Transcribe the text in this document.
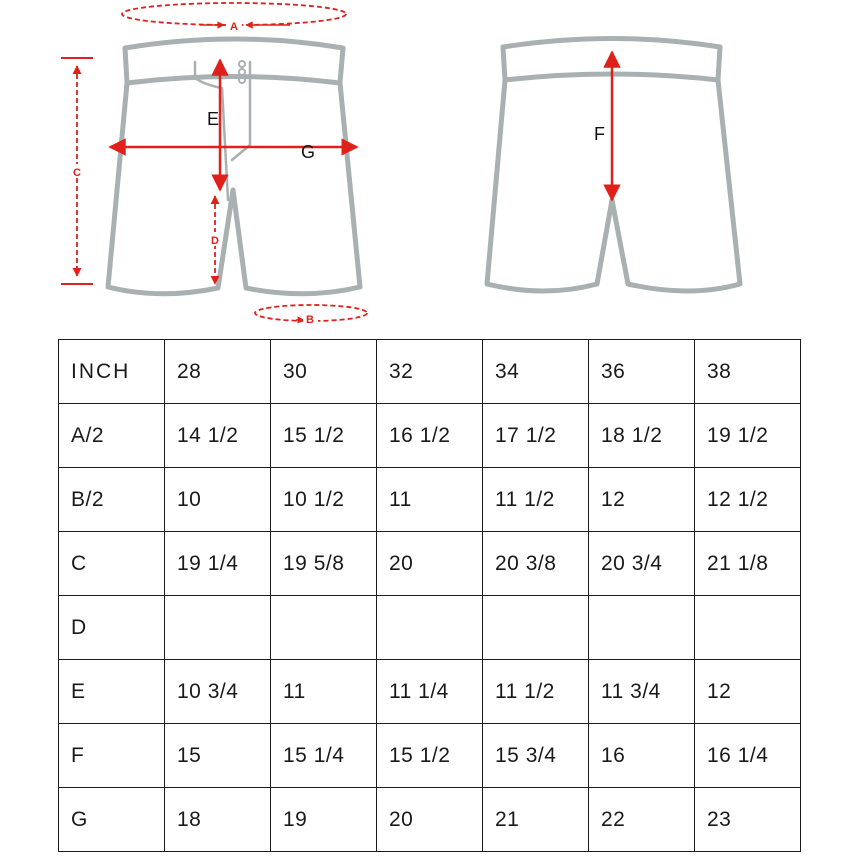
A
B
C
D
E
G
F
INCH	28	30	32	34	36	38
A/2	14 1/2	15 1/2	16 1/2	17 1/2	18 1/2	19 1/2
B/2	10	10 1/2	11	11 1/2	12	12 1/2
C	19 1/4	19 5/8	20	20 3/8	20 3/4	21 1/8
D						
E	10 3/4	11	11 1/4	11 1/2	11 3/4	12
F	15	15 1/4	15 1/2	15 3/4	16	16 1/4
G	18	19	20	21	22	23
